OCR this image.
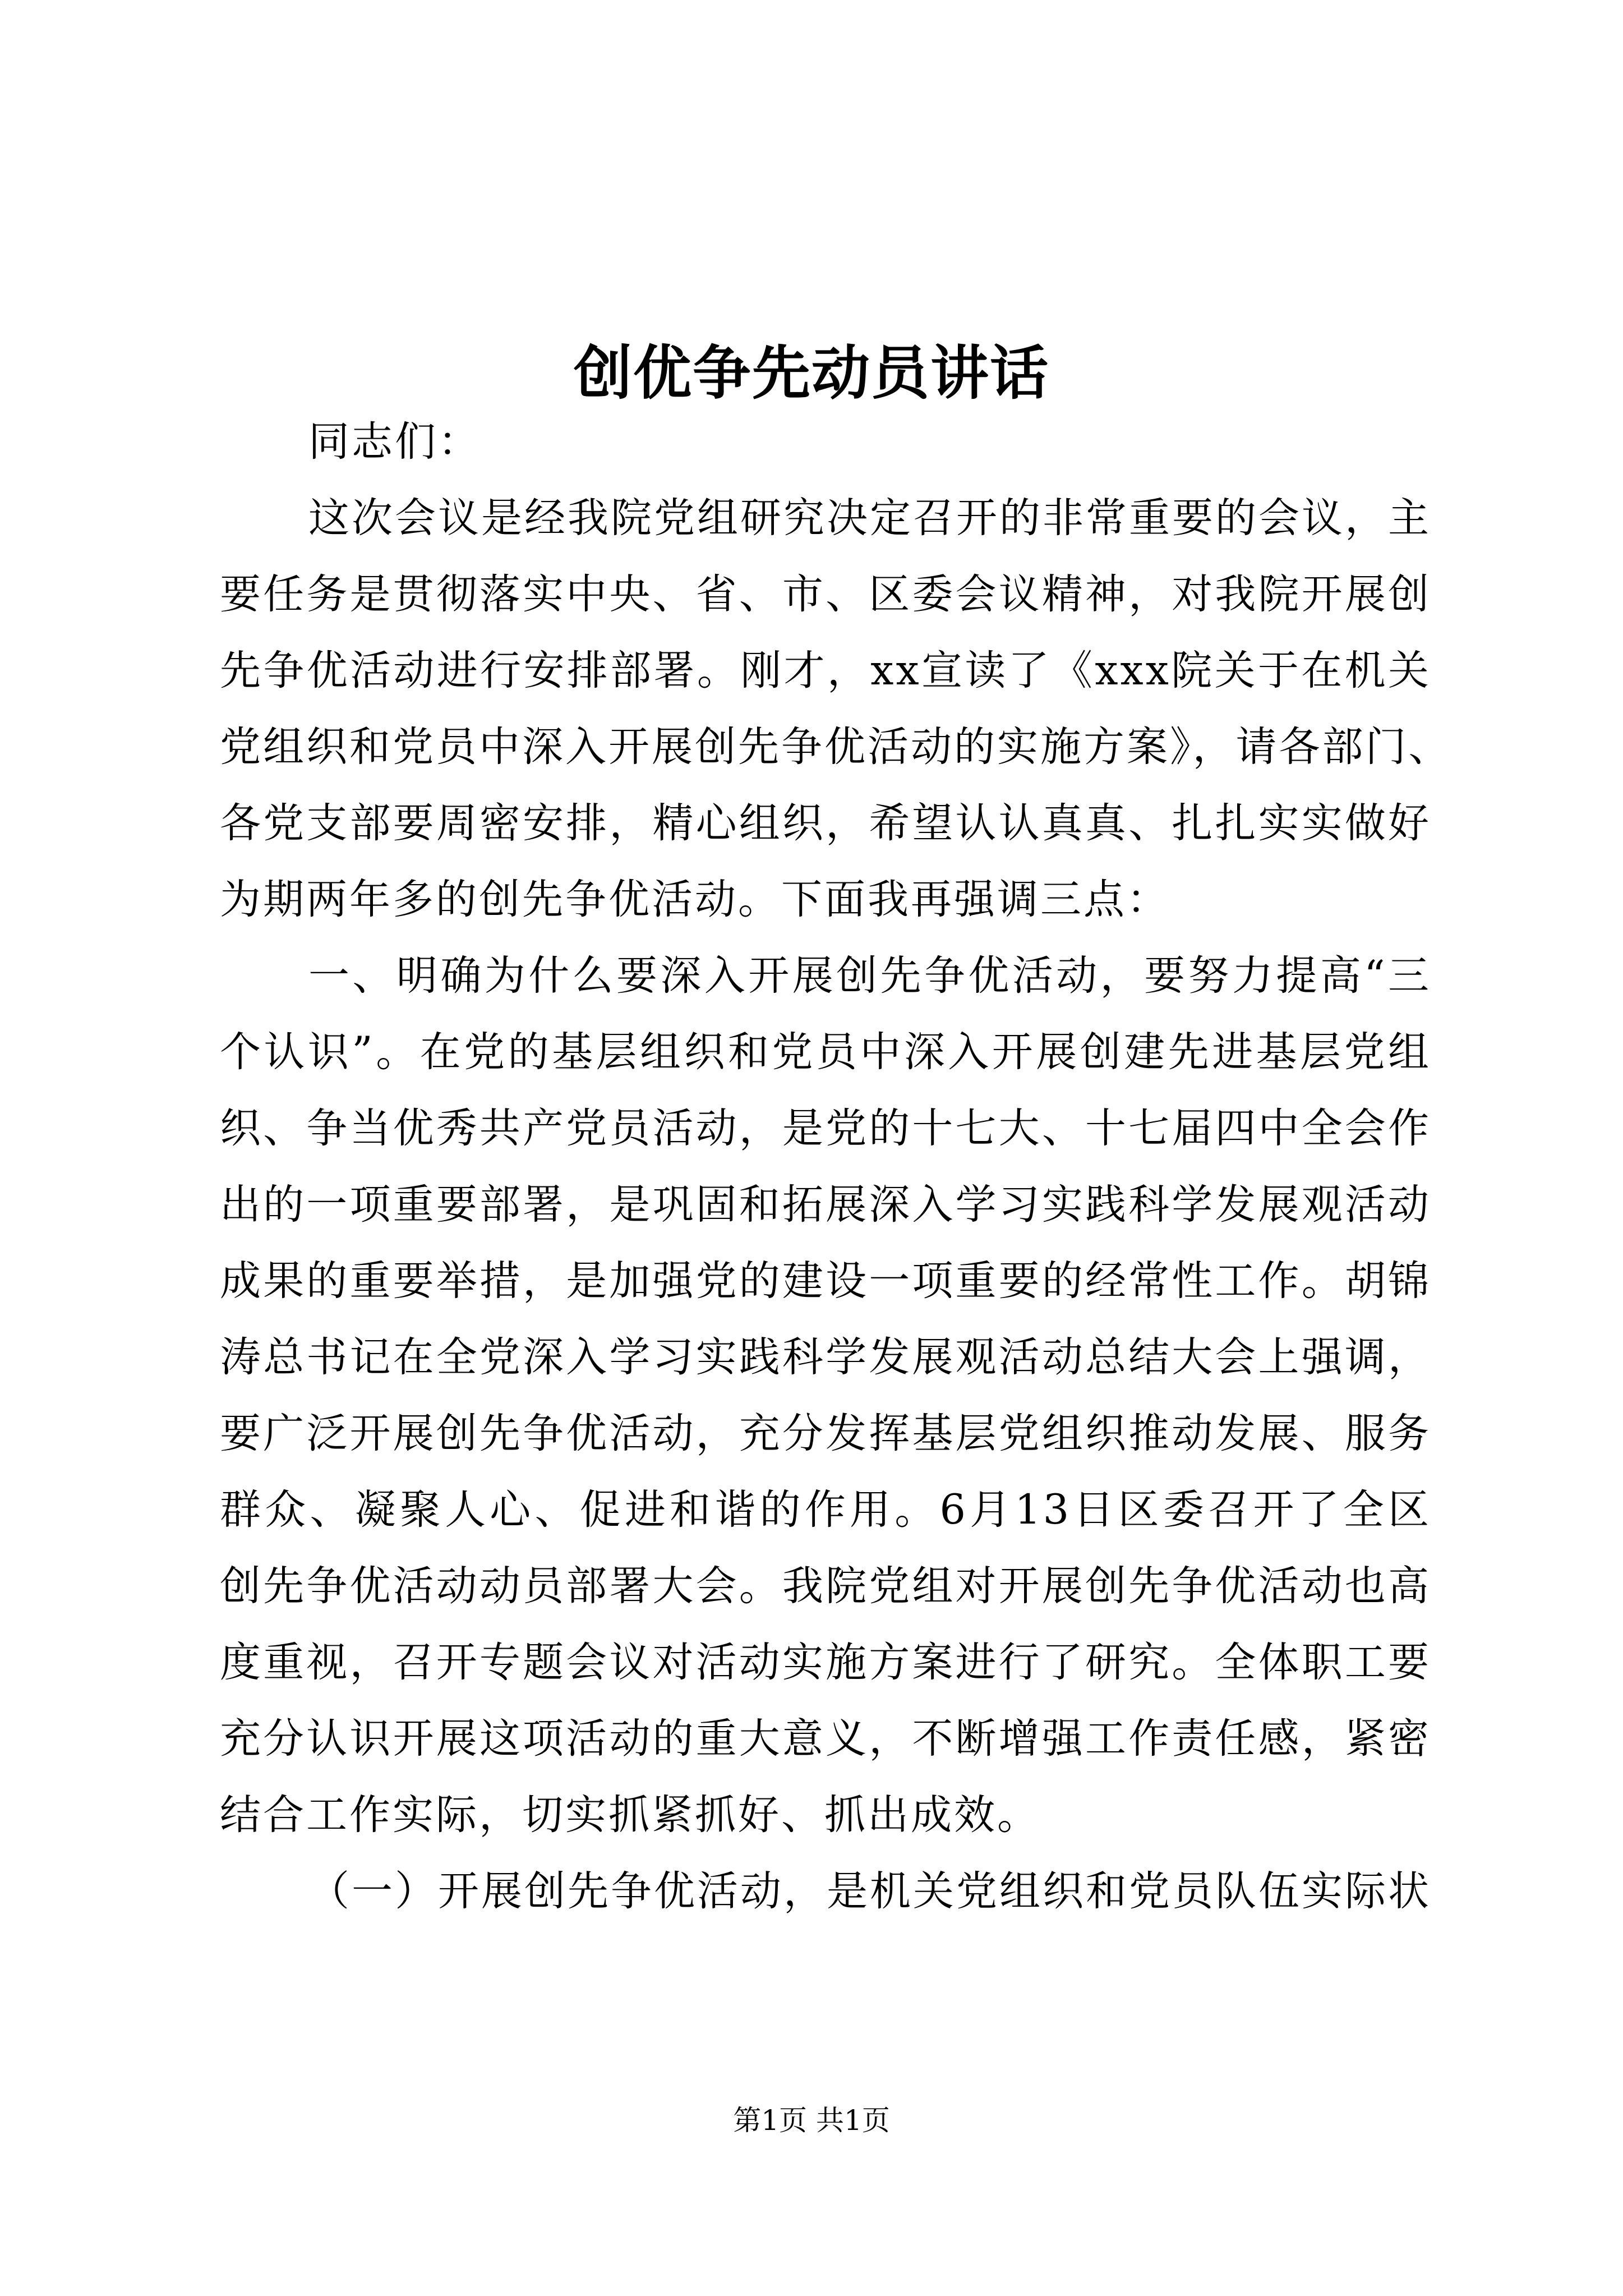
创优争先动员讲话
同志们：
这次会议是经我院党组研究决定召开的非常重要的会议，主
要任务是贯彻落实中央、省、市、区委会议精神，对我院开展创
先争优活动进行安排部署。刚才，xx宣读了《xxx院关于在机关
党组织和党员中深入开展创先争优活动的实施方案》，请各部门、
各党支部要周密安排，精心组织，希望认认真真、扎扎实实做好
为期两年多的创先争优活动。下面我再强调三点：
一、明确为什么要深入开展创先争优活动，要努力提高“三
个认识”。在党的基层组织和党员中深入开展创建先进基层党组
织、争当优秀共产党员活动，是党的十七大、十七届四中全会作
出的一项重要部署，是巩固和拓展深入学习实践科学发展观活动
成果的重要举措，是加强党的建设一项重要的经常性工作。胡锦
涛总书记在全党深入学习实践科学发展观活动总结大会上强调，
要广泛开展创先争优活动，充分发挥基层党组织推动发展、服务
群众、凝聚人心、促进和谐的作用。6月13日区委召开了全区
创先争优活动动员部署大会。我院党组对开展创先争优活动也高
度重视，召开专题会议对活动实施方案进行了研究。全体职工要
充分认识开展这项活动的重大意义，不断增强工作责任感，紧密
结合工作实际，切实抓紧抓好、抓出成效。
（一）开展创先争优活动，是机关党组织和党员队伍实际状
第1页 共1页
